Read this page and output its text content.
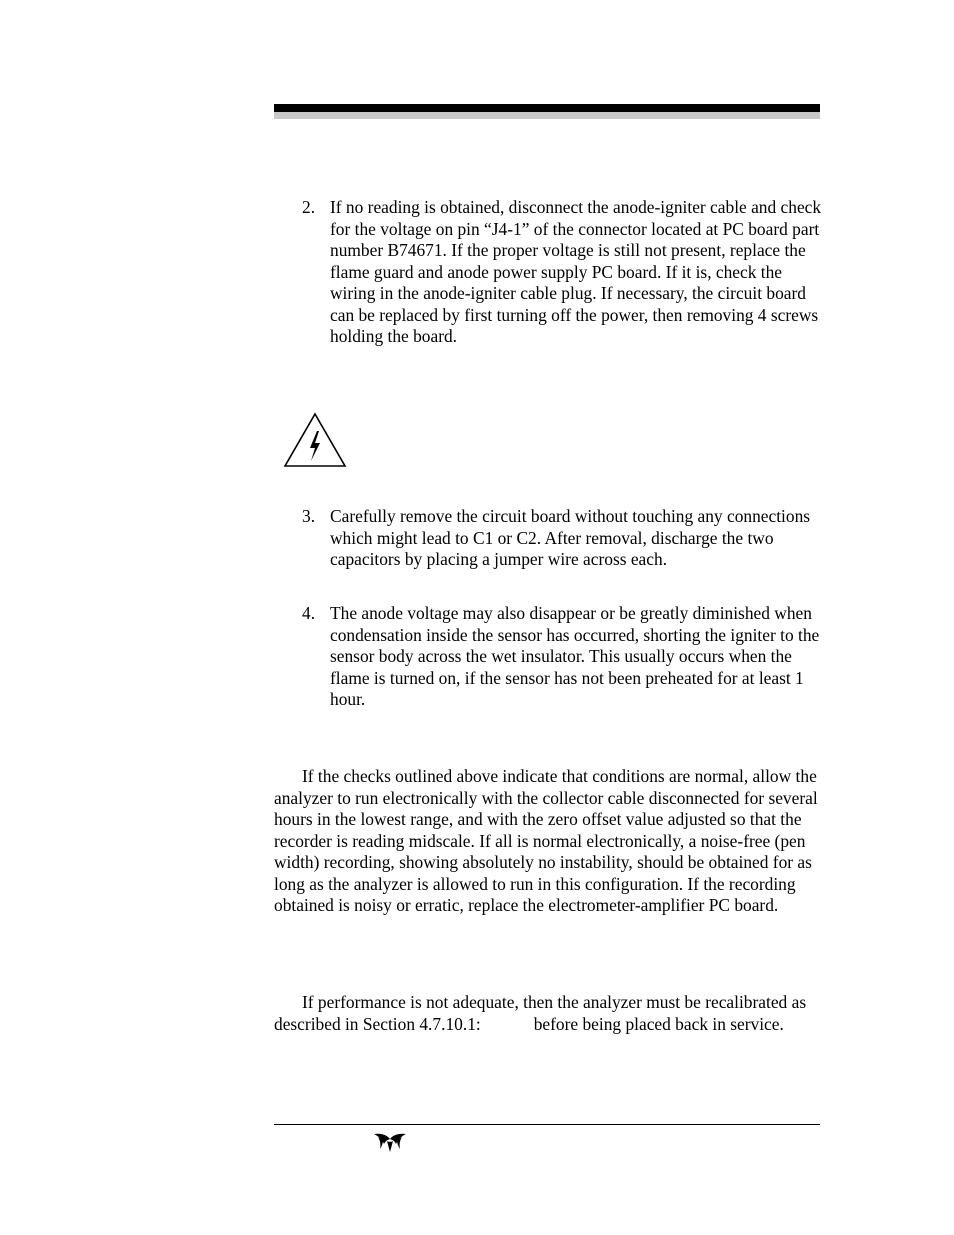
2. If no reading is obtained, disconnect the anode-igniter cable and check for the voltage on pin “J4-1” of the connector located at PC board part number B74671. If the proper voltage is still not present, replace the flame guard and anode power supply PC board. If it is, check the wiring in the anode-igniter cable plug. If necessary, the circuit board can be replaced by first turning off the power, then removing 4 screws holding the board.
3. Carefully remove the circuit board without touching any connections which might lead to C1 or C2. After removal, discharge the two capacitors by placing a jumper wire across each.
4. The anode voltage may also disappear or be greatly diminished when condensation inside the sensor has occurred, shorting the igniter to the sensor body across the wet insulator. This usually occurs when the flame is turned on, if the sensor has not been preheated for at least 1 hour.
If the checks outlined above indicate that conditions are normal, allow the analyzer to run electronically with the collector cable disconnected for several hours in the lowest range, and with the zero offset value adjusted so that the recorder is reading midscale. If all is normal electronically, a noise-free (pen width) recording, showing absolutely no instability, should be obtained for as long as the analyzer is allowed to run in this configuration. If the recording obtained is noisy or erratic, replace the electrometer-amplifier PC board.
If performance is not adequate, then the analyzer must be recalibrated as described in Section 4.7.10.1:	before being placed back in service.
